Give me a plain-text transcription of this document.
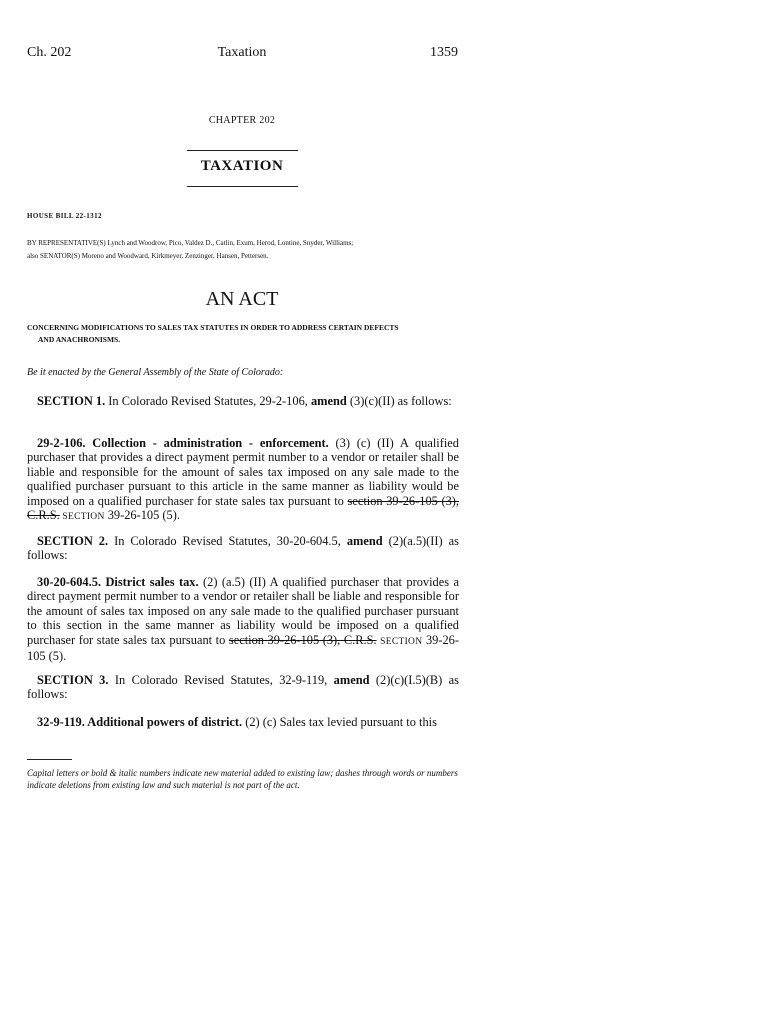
Ch. 202	Taxation	1359
CHAPTER 202
TAXATION
HOUSE BILL 22-1312
BY REPRESENTATIVE(S) Lynch and Woodrow, Pico, Valdez D., Catlin, Exum, Herod, Lontine, Snyder, Williams;
also SENATOR(S) Moreno and Woodward, Kirkmeyer, Zenzinger, Hansen, Pettersen.
AN ACT
CONCERNING MODIFICATIONS TO SALES TAX STATUTES IN ORDER TO ADDRESS CERTAIN DEFECTS
AND ANACHRONISMS.
Be it enacted by the General Assembly of the State of Colorado:
SECTION 1. In Colorado Revised Statutes, 29-2-106, amend (3)(c)(II) as follows:
29-2-106. Collection - administration - enforcement. (3) (c) (II) A qualified purchaser that provides a direct payment permit number to a vendor or retailer shall be liable and responsible for the amount of sales tax imposed on any sale made to the qualified purchaser pursuant to this article in the same manner as liability would be imposed on a qualified purchaser for state sales tax pursuant to section 39-26-105 (3), C.R.S. SECTION 39-26-105 (5).
SECTION 2. In Colorado Revised Statutes, 30-20-604.5, amend (2)(a.5)(II) as follows:
30-20-604.5. District sales tax. (2) (a.5) (II) A qualified purchaser that provides a direct payment permit number to a vendor or retailer shall be liable and responsible for the amount of sales tax imposed on any sale made to the qualified purchaser pursuant to this section in the same manner as liability would be imposed on a qualified purchaser for state sales tax pursuant to section 39-26-105 (3), C.R.S. SECTION 39-26-105 (5).
SECTION 3. In Colorado Revised Statutes, 32-9-119, amend (2)(c)(I.5)(B) as follows:
32-9-119. Additional powers of district. (2) (c) Sales tax levied pursuant to this
Capital letters or bold & italic numbers indicate new material added to existing law; dashes through words or numbers indicate deletions from existing law and such material is not part of the act.
